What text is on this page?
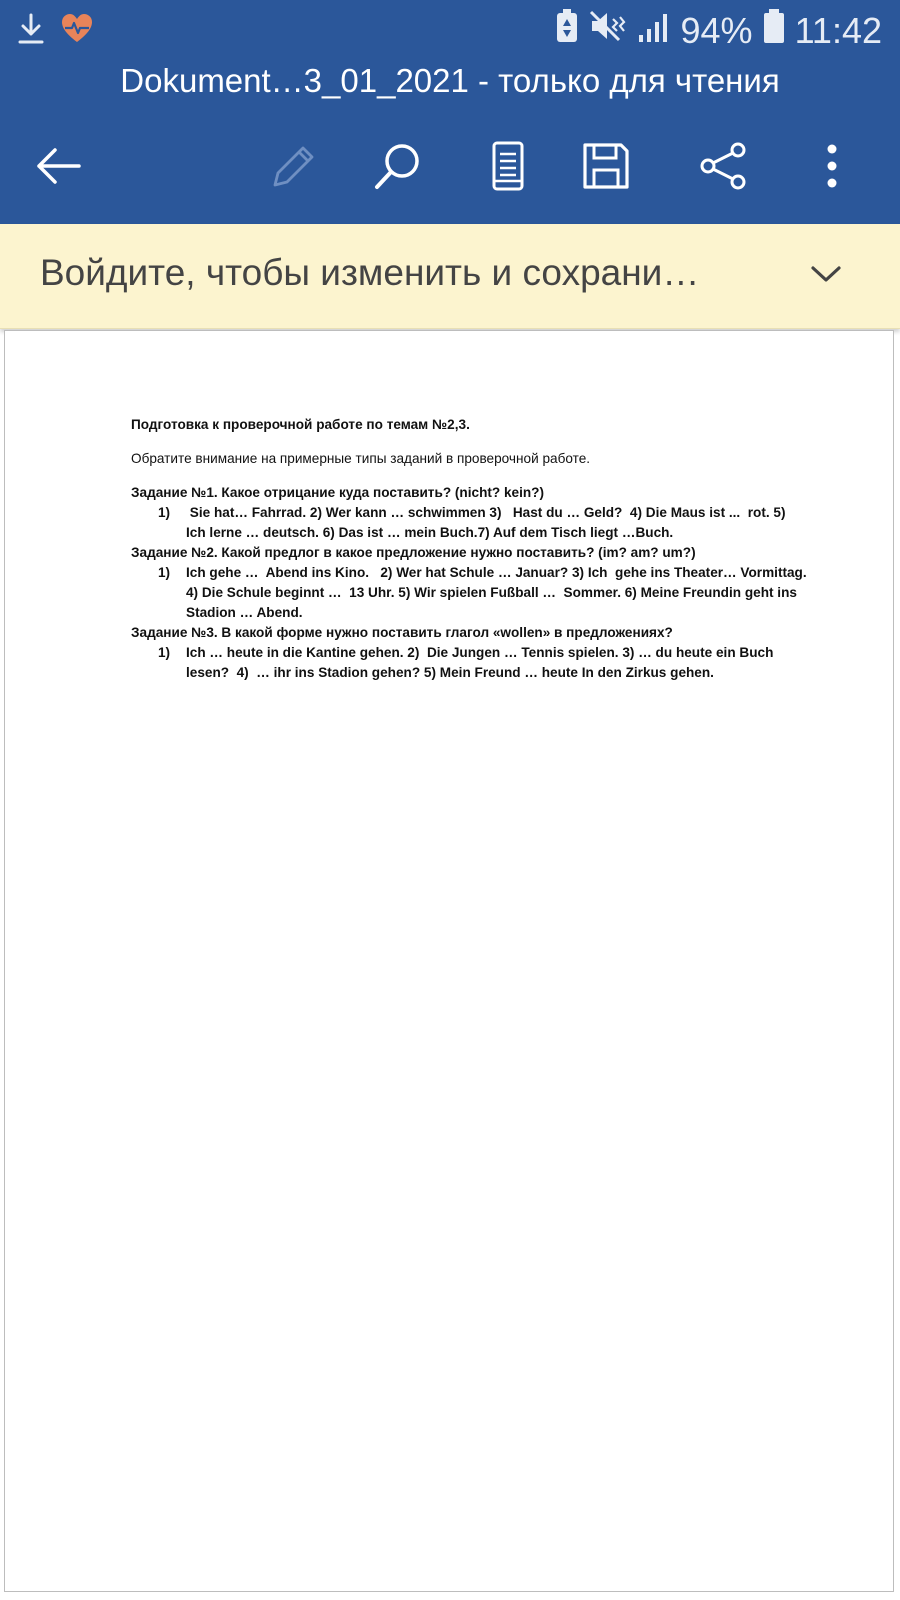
94% 11:42
Dokument…3_01_2021 - только для чтения
Войдите, чтобы изменить и сохрани…

Подготовка к проверочной работе по темам №2,3.

Обратите внимание на примерные типы заданий в проверочной работе.

Задание №1. Какое отрицание куда поставить? (nicht? kein?)

1) Sie hat… Fahrrad. 2) Wer kann … schwimmen 3)   Hast du … Geld?  4) Die Maus ist ...  rot. 5)
Ich lerne … deutsch. 6) Das ist … mein Buch.7) Auf dem Tisch liegt …Buch.

Задание №2. Какой предлог в какое предложение нужно поставить? (im? am? um?)

1) Ich gehe …  Abend ins Kino.   2) Wer hat Schule … Januar? 3) Ich  gehe ins Theater… Vormittag.
4) Die Schule beginnt …  13 Uhr. 5) Wir spielen Fußball …  Sommer. 6) Meine Freundin geht ins
Stadion … Abend.

Задание №3. В какой форме нужно поставить глагол «wollen» в предложениях?

1) Ich … heute in die Kantine gehen. 2)  Die Jungen … Tennis spielen. 3) … du heute ein Buch
lesen?  4)  … ihr ins Stadion gehen? 5) Mein Freund … heute In den Zirkus gehen.
